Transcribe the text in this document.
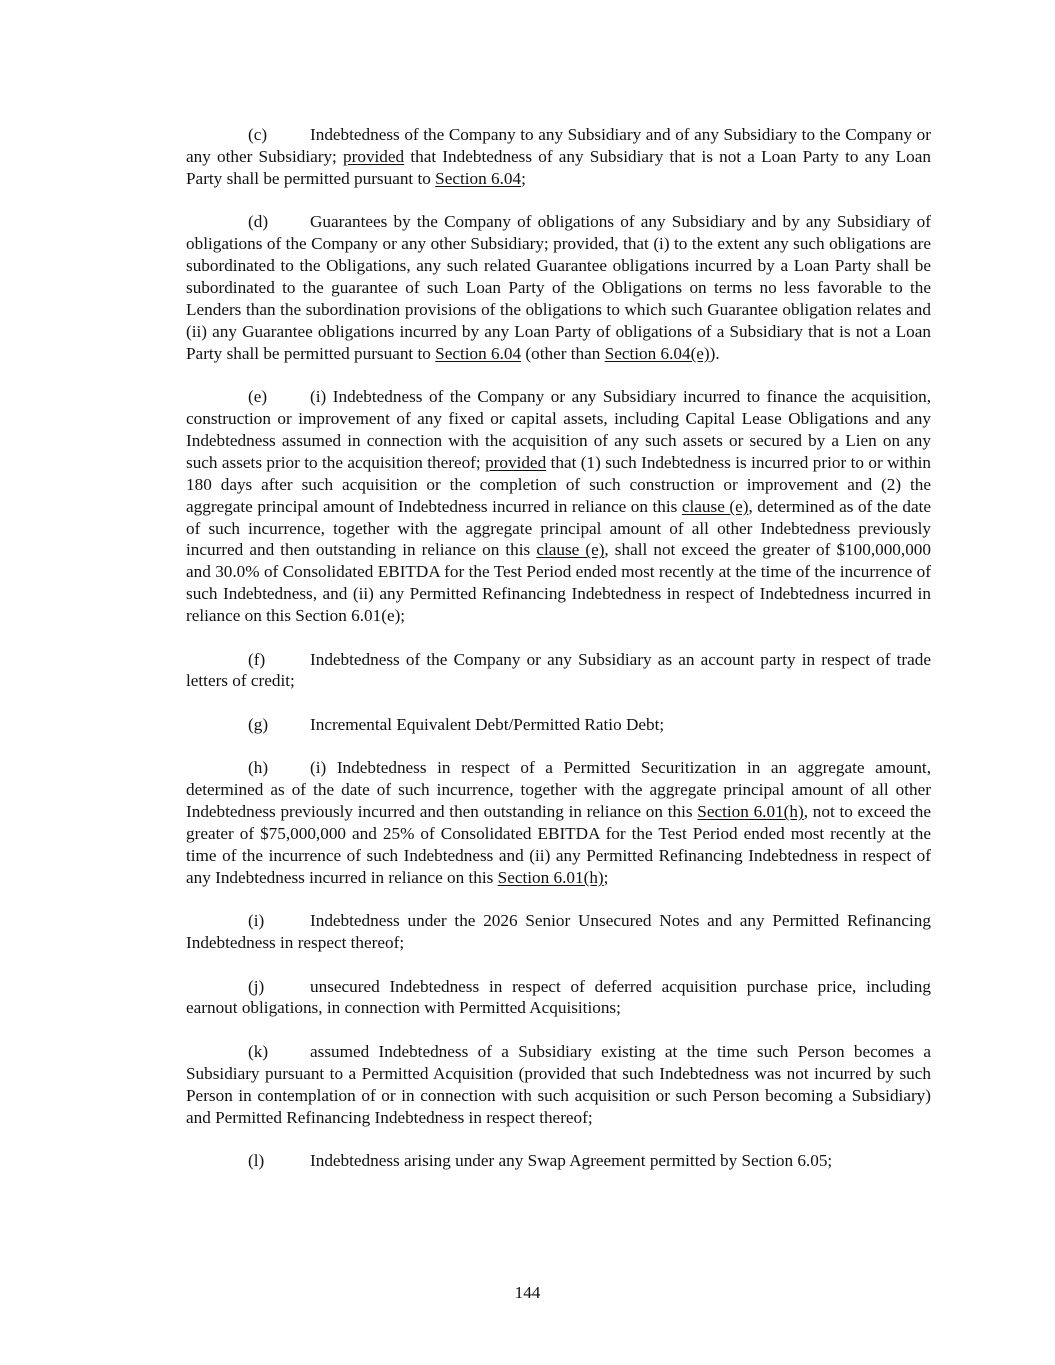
(c) Indebtedness of the Company to any Subsidiary and of any Subsidiary to the Company or any other Subsidiary; provided that Indebtedness of any Subsidiary that is not a Loan Party to any Loan Party shall be permitted pursuant to Section 6.04;

(d) Guarantees by the Company of obligations of any Subsidiary and by any Subsidiary of obligations of the Company or any other Subsidiary; provided, that (i) to the extent any such obligations are subordinated to the Obligations, any such related Guarantee obligations incurred by a Loan Party shall be subordinated to the guarantee of such Loan Party of the Obligations on terms no less favorable to the Lenders than the subordination provisions of the obligations to which such Guarantee obligation relates and (ii) any Guarantee obligations incurred by any Loan Party of obligations of a Subsidiary that is not a Loan Party shall be permitted pursuant to Section 6.04 (other than Section 6.04(e)).

(e) (i) Indebtedness of the Company or any Subsidiary incurred to finance the acquisition, construction or improvement of any fixed or capital assets, including Capital Lease Obligations and any Indebtedness assumed in connection with the acquisition of any such assets or secured by a Lien on any such assets prior to the acquisition thereof; provided that (1) such Indebtedness is incurred prior to or within 180 days after such acquisition or the completion of such construction or improvement and (2) the aggregate principal amount of Indebtedness incurred in reliance on this clause (e), determined as of the date of such incurrence, together with the aggregate principal amount of all other Indebtedness previously incurred and then outstanding in reliance on this clause (e), shall not exceed the greater of $100,000,000 and 30.0% of Consolidated EBITDA for the Test Period ended most recently at the time of the incurrence of such Indebtedness, and (ii) any Permitted Refinancing Indebtedness in respect of Indebtedness incurred in reliance on this Section 6.01(e);

(f)	Indebtedness of the Company or any Subsidiary as an account party in respect of trade letters of credit;

(g) Incremental Equivalent Debt/Permitted Ratio Debt;

(h) (i) Indebtedness in respect of a Permitted Securitization in an aggregate amount, determined as of the date of such incurrence, together with the aggregate principal amount of all other Indebtedness previously incurred and then outstanding in reliance on this Section 6.01(h), not to exceed the greater of $75,000,000 and 25% of Consolidated EBITDA for the Test Period ended most recently at the time of the incurrence of such Indebtedness and (ii) any Permitted Refinancing Indebtedness in respect of any Indebtedness incurred in reliance on this Section 6.01(h);

(i)	Indebtedness under the 2026 Senior Unsecured Notes and any Permitted Refinancing Indebtedness in respect thereof;

(j)	unsecured Indebtedness in respect of deferred acquisition purchase price, including earnout obligations, in connection with Permitted Acquisitions;

(k) assumed Indebtedness of a Subsidiary existing at the time such Person becomes a Subsidiary pursuant to a Permitted Acquisition (provided that such Indebtedness was not incurred by such Person in contemplation of or in connection with such acquisition or such Person becoming a Subsidiary) and Permitted Refinancing Indebtedness in respect thereof;

(l)	Indebtedness arising under any Swap Agreement permitted by Section 6.05;

144
